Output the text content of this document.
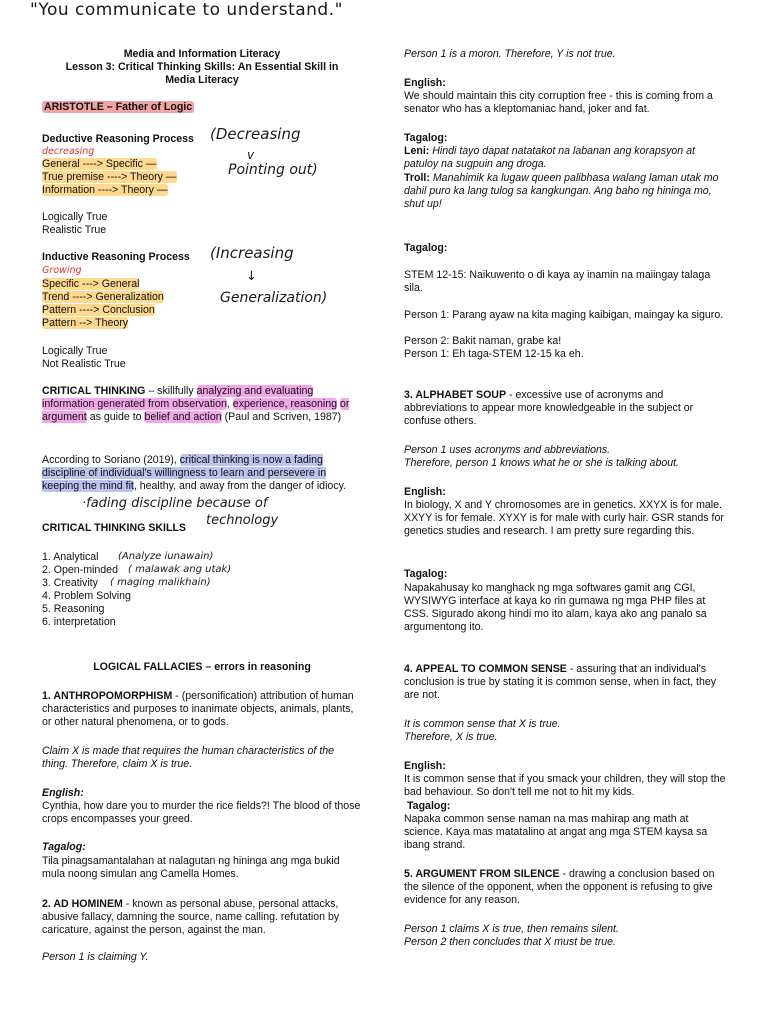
"You communicate to understand."
Media and Information Literacy
Lesson 3: Critical Thinking Skills: An Essential Skill in
Media Literacy
ARISTOTLE – Father of Logic
Deductive Reasoning Process
decreasing
General ----> Specific —
True premise ----> Theory —
Information ----> Theory —
(Decreasing
v
Pointing out)
Logically True
Realistic True
Inductive Reasoning Process
Growing
Specific ---> General
Trend ----> Generalization
Pattern ----> Conclusion
Pattern --> Theory
(Increasing
↓
Generalization)
Logically True
Not Realistic True

CRITICAL THINKING – skillfully analyzing and evaluating information generated from observation, experience, reasoning or argument as guide to belief and action (Paul and Scriven, 1987)

According to Soriano (2019), critical thinking is now a fading discipline of individual's willingness to learn and persevere in keeping the mind fit, healthy, and away from the danger of idiocy.

·fading discipline because of
technology
CRITICAL THINKING SKILLS
1. Analytical
2. Open-minded
3. Creativity
4. Problem Solving
5. Reasoning
6. interpretation
(Analyze iunawain)
( malawak ang utak)
( maging malikhain)
LOGICAL FALLACIES – errors in reasoning

1. ANTHROPOMORPHISM - (personification) attribution of human characteristics and purposes to inanimate objects, animals, plants, or other natural phenomena, or to gods.

Claim X is made that requires the human characteristics of the thing. Therefore, claim X is true.

English:

Cynthia, how dare you to murder the rice fields?! The blood of those crops encompasses your greed.

Tagalog:

Tila pinagsamantalahan at nalagutan ng hininga ang mga bukid mula noong simulan ang Camella Homes.

2. AD HOMINEM - known as personal abuse, personal attacks, abusive fallacy, damning the source, name calling. refutation by caricature, against the person, against the man.

Person 1 is claiming Y.

Person 1 is a moron. Therefore, Y is not true.

English:

We should maintain this city corruption free - this is coming from a senator who has a kleptomaniac hand, joker and fat.

Tagalog:

Leni: Hindi tayo dapat natatakot na labanan ang korapsyon at patuloy na sugpuin ang droga.

Troll: Manahimik ka lugaw queen palibhasa walang laman utak mo dahil puro ka lang tulog sa kangkungan. Ang baho ng hininga mo, shut up!

Tagalog:

STEM 12-15: Naikuwento o di kaya ay inamin na maiingay talaga sila.

Person 1: Parang ayaw na kita maging kaibigan, maingay ka siguro.

Person 2: Bakit naman, grabe ka!

Person 1: Eh taga-STEM 12-15 ka eh.

3. ALPHABET SOUP - excessive use of acronyms and abbreviations to appear more knowledgeable in the subject or confuse others.

Person 1 uses acronyms and abbreviations.
Therefore, person 1 knows what he or she is talking about.

English:

In biology, X and Y chromosomes are in genetics. XXYX is for male. XXYY is for female. XYXY is for male with curly hair. GSR stands for genetics studies and research. I am pretty sure regarding this.

Tagalog:

Napakahusay ko manghack ng mga softwares gamit ang CGI, WYSIWYG interface at kaya ko rin gumawa ng mga PHP files at CSS. Sigurado akong hindi mo ito alam, kaya ako ang panalo sa argumentong ito.

4. APPEAL TO COMMON SENSE - assuring that an individual's conclusion is true by stating it is common sense, when in fact, they are not.

It is common sense that X is true.
Therefore, X is true.

English:

It is common sense that if you smack your children, they will stop the bad behaviour. So don't tell me not to hit my kids.

Tagalog:

Napaka common sense naman na mas mahirap ang math at science. Kaya mas matatalino at angat ang mga STEM kaysa sa ibang strand.

5. ARGUMENT FROM SILENCE - drawing a conclusion based on the silence of the opponent, when the opponent is refusing to give evidence for any reason.

Person 1 claims X is true, then remains silent.
Person 2 then concludes that X must be true.
